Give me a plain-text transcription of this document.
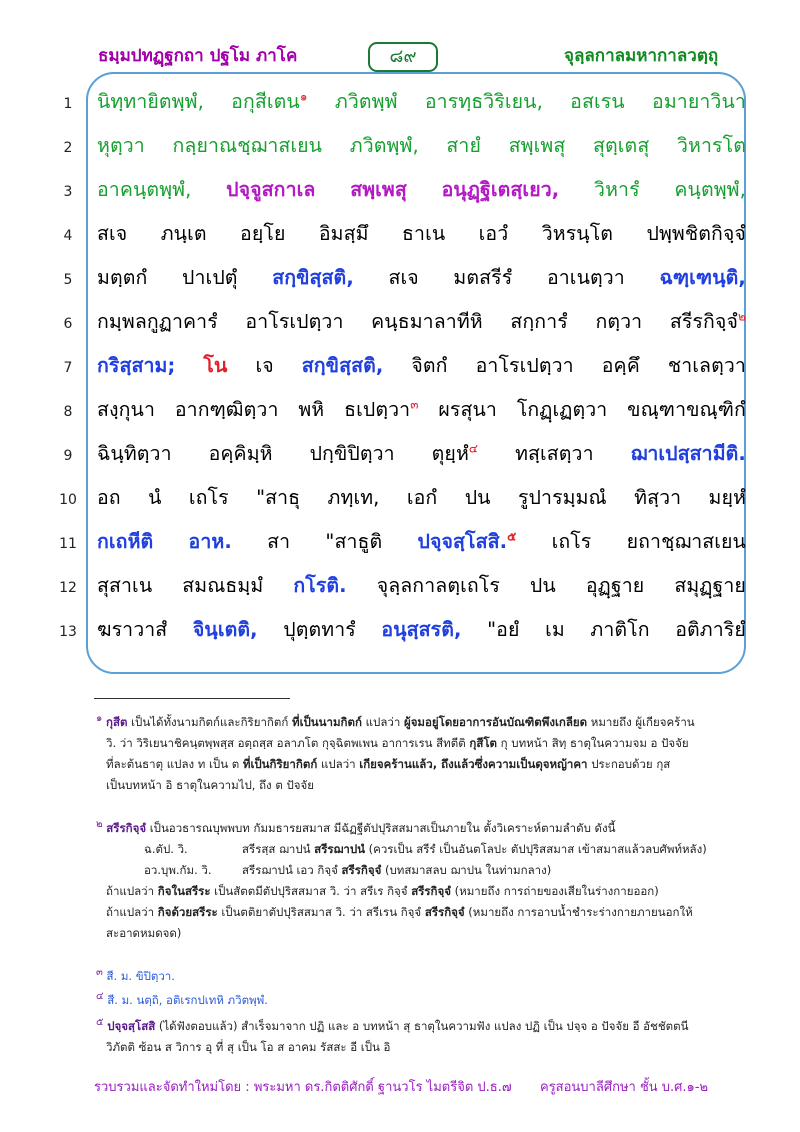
ธมฺมปทฏฺฐกถา ปฐโม ภาโค	๘๙	จุลฺลกาลมหากาลวตฺถุ
1	นิทฺทายิตพฺพํ, อกุสีเตน$^๑$ ภวิตพฺพํ อารทฺธวิริเยน, อสเรน อมายาวินา
2	หุตฺวา กลฺยาณชฺฌาสเยน ภวิตพฺพํ, สายํ สพฺเพสุ สุตฺเตสุ วิหารโต
3	อาคนฺตพฺพํ, ปจฺจูสกาเล สพฺเพสุ อนุฏฺฐิเตสฺเยว, วิหารํ คนฺตพฺพํ,
4	สเจ ภนฺเต อยฺโย อิมสฺมึ ธาเน เอวํ วิหรนฺโต ปพฺพชิตกิจฺจํ
5	มตฺตกํ ปาเปตุํ สกฺขิสฺสติ, สเจ มตสรีรํ อาเนตฺวา ฉฑฺเฑนฺติ,
6	กมฺพลกูฏาคารํ อาโรเปตฺวา คนฺธมาลาทีหิ สกฺการํ กตฺวา สรีรกิจฺจํ$^๒$
7	กริสฺสาม; โน เจ สกฺขิสฺสติ, จิตกํ อาโรเปตฺวา อคฺคึ ชาเลตฺวา
8	สงฺกุนา อากฑฺฒิตฺวา พหิ ธเปตฺวา$^๓$ ผรสุนา โกฏฺเฏตฺวา ขณฺฑาขณฺฑิกํ
9	ฉินฺทิตฺวา อคฺคิมฺหิ ปกฺขิปิตฺวา ตุยฺหํ$^๔$ ทสฺเสตฺวา ฌาเปสฺสามีติ.
10	อถ นํ เถโร "สาธุ ภทฺเท, เอกํ ปน รูปารมฺมณํ ทิสฺวา มยฺหํ
11	กเถหีติ อาห. สา "สาธูติ ปจฺจสฺโสสิ.$^๕$ เถโร ยถาชฺฌาสเยน
12	สุสาเน สมณธมฺมํ กโรติ. จุลฺลกาลตฺเถโร ปน อุฏฺฐาย สมุฏฺฐาย
13	ฆราวาสํ จินฺเตติ, ปุตฺตทารํ อนุสฺสรติ, "อยํ เม ภาติโก อติภาริยํ
๑ กุสีต เป็นได้ทั้งนามกิตก์และกิริยากิตก์ ที่เป็นนามกิตก์ แปลว่า ผู้จมอยู่โดยอาการอันบัณฑิตพึงเกลียด หมายถึง ผู้เกียจคร้าน
วิ. ว่า วิริเยนาชิคนฺตพฺพสฺส อตฺถสฺส อลาภโต กุจฺฉิตพเพน อาการเรน สีทตีติ กุสีโต กุ บทหน้า สิทฺ ธาตุในความจม อ ปัจจัย
ที่ละต้นธาตุ แปลง ท เป็น ต ที่เป็นกิริยากิตก์ แปลว่า เกียจคร้านแล้ว, ถึงแล้วซึ่งความเป็นดุจหญ้าคา ประกอบด้วย กุส
เป็นบทหน้า อิ ธาตุในความไป, ถึง ต ปัจจัย
๒ สรีรกิจฺจํ เป็นอวธารณบุพพบท กัมมธารยสมาส มีฉัฏฐีตัปปุริสสมาสเป็นภายใน ตั้งวิเคราะห์ตามลำดับ ดังนี้
ฉ.ตัป. วิ.	สรีรสฺส ฌาปนํ สรีรฌาปนํ (ควรเป็น สรีรํ เป็นอันตโลปะ ตัปปุริสสมาส เข้าสมาสแล้วลบศัพท์หลัง)
อว.บุพ.กัม. วิ.	สรีรฌาปนํ เอว กิจฺจํ สรีรกิจฺจํ (บทสมาสลบ ฌาปน ในท่ามกลาง)
ถ้าแปลว่า กิจในสรีระ เป็นสัตตมีตัปปุริสสมาส วิ. ว่า สรีเร กิจฺจํ สรีรกิจฺจํ (หมายถึง การถ่ายของเสียในร่างกายออก)
ถ้าแปลว่า กิจด้วยสรีระ เป็นตติยาตัปปุริสสมาส วิ. ว่า สรีเรน กิจฺจํ สรีรกิจฺจํ (หมายถึง การอาบน้ำชำระร่างกายภายนอกให้
สะอาดหมดจด)
๓ สี. ม. ขิปิตฺวา.
๔ สี. ม. นตฺถิ, อติเรกปเทหิ ภวิตพฺพํ.
๕ ปจฺจสฺโสสิ (ได้ฟังตอบแล้ว) สำเร็จมาจาก ปฏิ และ อ บทหน้า สุ ธาตุในความฟัง แปลง ปฏิ เป็น ปจฺจ อ ปัจจัย อี อัชชัตตนี
วิภัตติ ซ้อน ส วิการ อุ ที่ สุ เป็น โอ ส อาคม รัสสะ อี เป็น อิ
รวบรวมและจัดทำใหม่โดย : พระมหา ดร.กิตติศักดิ์ ฐานวโร ไมตรีจิต ป.ธ.๗ ครูสอนบาลีศึกษา ชั้น บ.ศ.๑-๒
